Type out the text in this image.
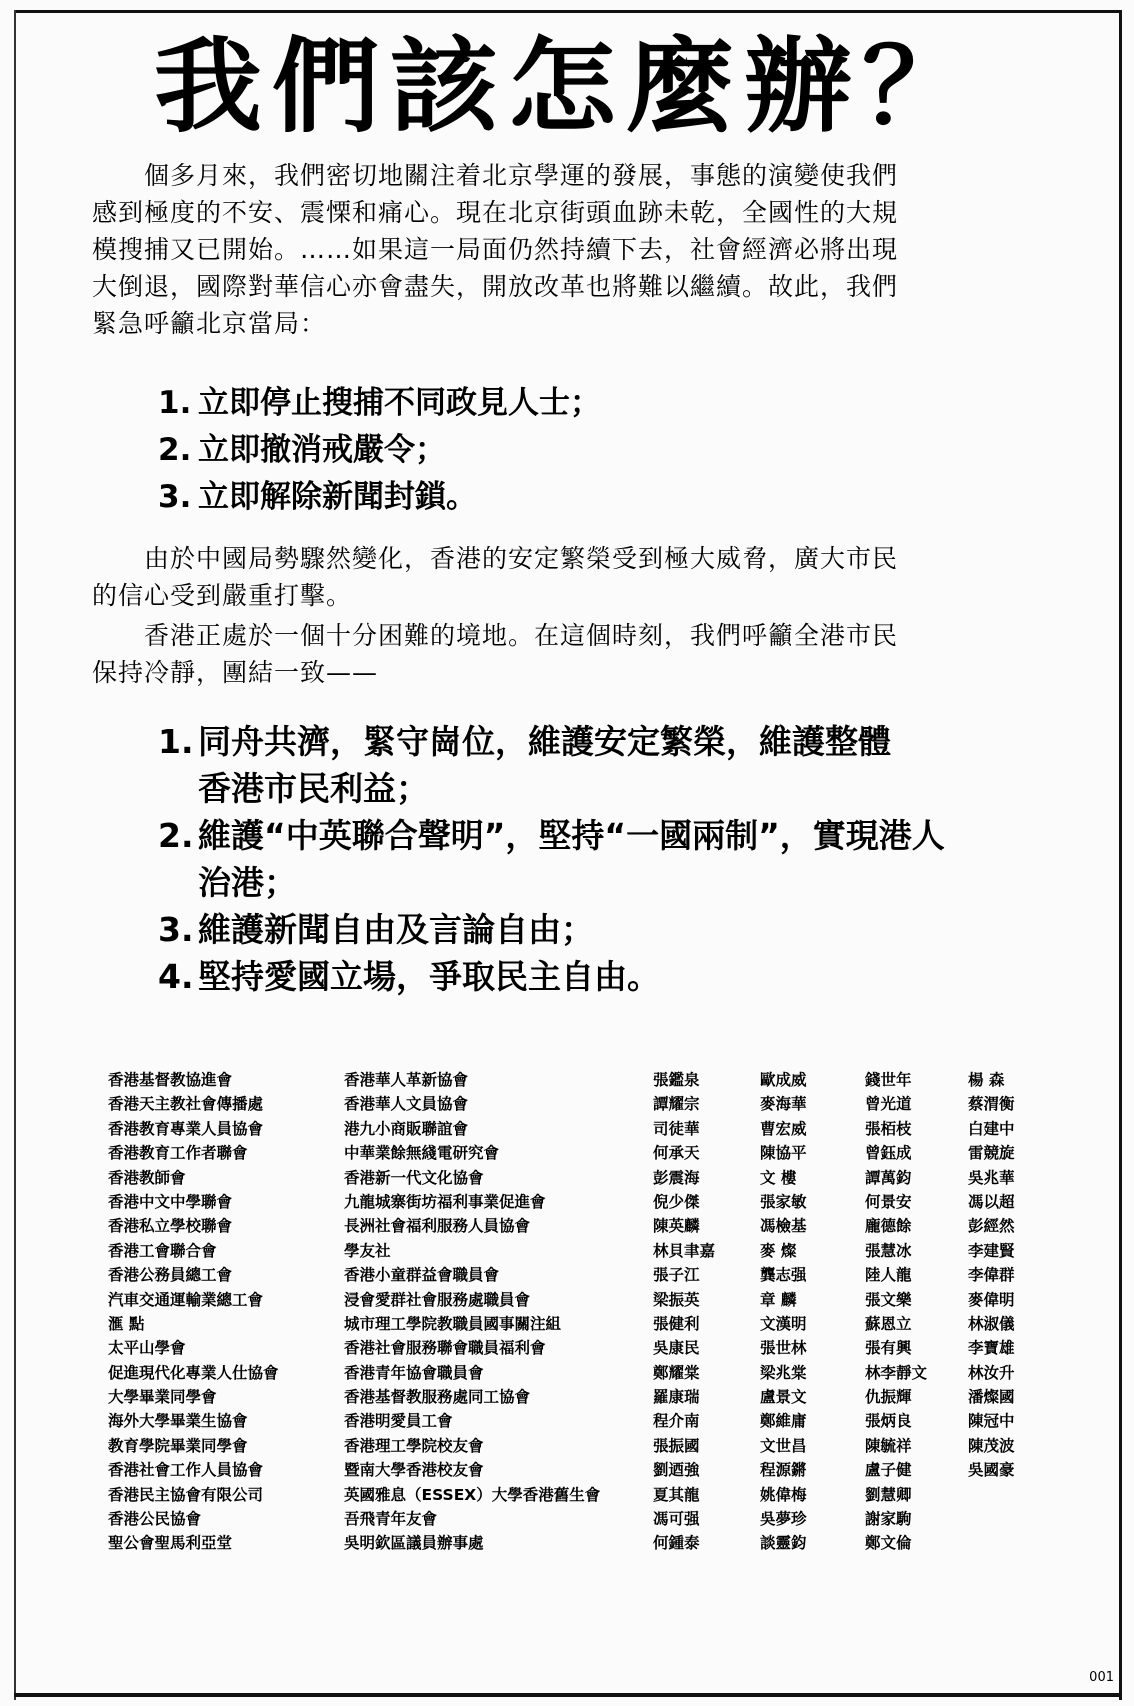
我們該怎麼辦？
個多月來，我們密切地關注着北京學運的發展，事態的演變使我們
感到極度的不安、震慄和痛心。現在北京街頭血跡未乾，全國性的大規
模搜捕又已開始。……如果這一局面仍然持續下去，社會經濟必將出現
大倒退，國際對華信心亦會盡失，開放改革也將難以繼續。故此，我們
緊急呼籲北京當局：
1. 立即停止搜捕不同政見人士；
2. 立即撤消戒嚴令；
3. 立即解除新聞封鎖。
由於中國局勢驟然變化，香港的安定繁榮受到極大威脅，廣大市民
的信心受到嚴重打擊。
香港正處於一個十分困難的境地。在這個時刻，我們呼籲全港市民
保持冷靜，團結一致——
1. 同舟共濟，緊守崗位，維護安定繁榮，維護整體
香港市民利益；
2. 維護“中英聯合聲明”，堅持“一國兩制”，實現港人
治港；
3. 維護新聞自由及言論自由；
4. 堅持愛國立場，爭取民主自由。
香港基督教協進會
香港天主教社會傳播處
香港教育專業人員協會
香港教育工作者聯會
香港教師會
香港中文中學聯會
香港私立學校聯會
香港工會聯合會
香港公務員總工會
汽車交通運輸業總工會
滙 點
太平山學會
促進現代化專業人仕協會
大學畢業同學會
海外大學畢業生協會
教育學院畢業同學會
香港社會工作人員協會
香港民主協會有限公司
香港公民協會
聖公會聖馬利亞堂
香港華人革新協會
香港華人文員協會
港九小商販聯誼會
中華業餘無綫電研究會
香港新一代文化協會
九龍城寨街坊福利事業促進會
長洲社會福利服務人員協會
學友社
香港小童群益會職員會
浸會愛群社會服務處職員會
城市理工學院教職員國事關注組
香港社會服務聯會職員福利會
香港青年協會職員會
香港基督教服務處同工協會
香港明愛員工會
香港理工學院校友會
暨南大學香港校友會
英國雅息（ESSEX）大學香港舊生會
吾飛青年友會
吳明欽區議員辦事處
張鑑泉
譚耀宗
司徒華
何承天
彭震海
倪少傑
陳英麟
林貝聿嘉
張子江
梁振英
張健利
吳康民
鄭耀棠
羅康瑞
程介南
張振國
劉迺強
夏其龍
馮可强
何鍾泰
歐成威
麥海華
曹宏威
陳協平
文 樓
張家敏
馮檢基
麥 燦
龔志强
章 麟
文漢明
張世林
梁兆棠
盧景文
鄭維庸
文世昌
程源鏘
姚偉梅
吳夢珍
談靈鈞
錢世年
曾光道
張栢枝
曾鈺成
譚萬鈞
何景安
龐德餘
張慧冰
陸人龍
張文樂
蘇恩立
張有興
林李靜文
仇振輝
張炳良
陳毓祥
盧子健
劉慧卿
謝家駒
鄭文倫
楊 森
蔡渭衡
白建中
雷競旋
吳兆華
馮以超
彭經然
李建賢
李偉群
麥偉明
林淑儀
李寶雄
林汝升
潘燦國
陳冠中
陳茂波
吳國豪
001
